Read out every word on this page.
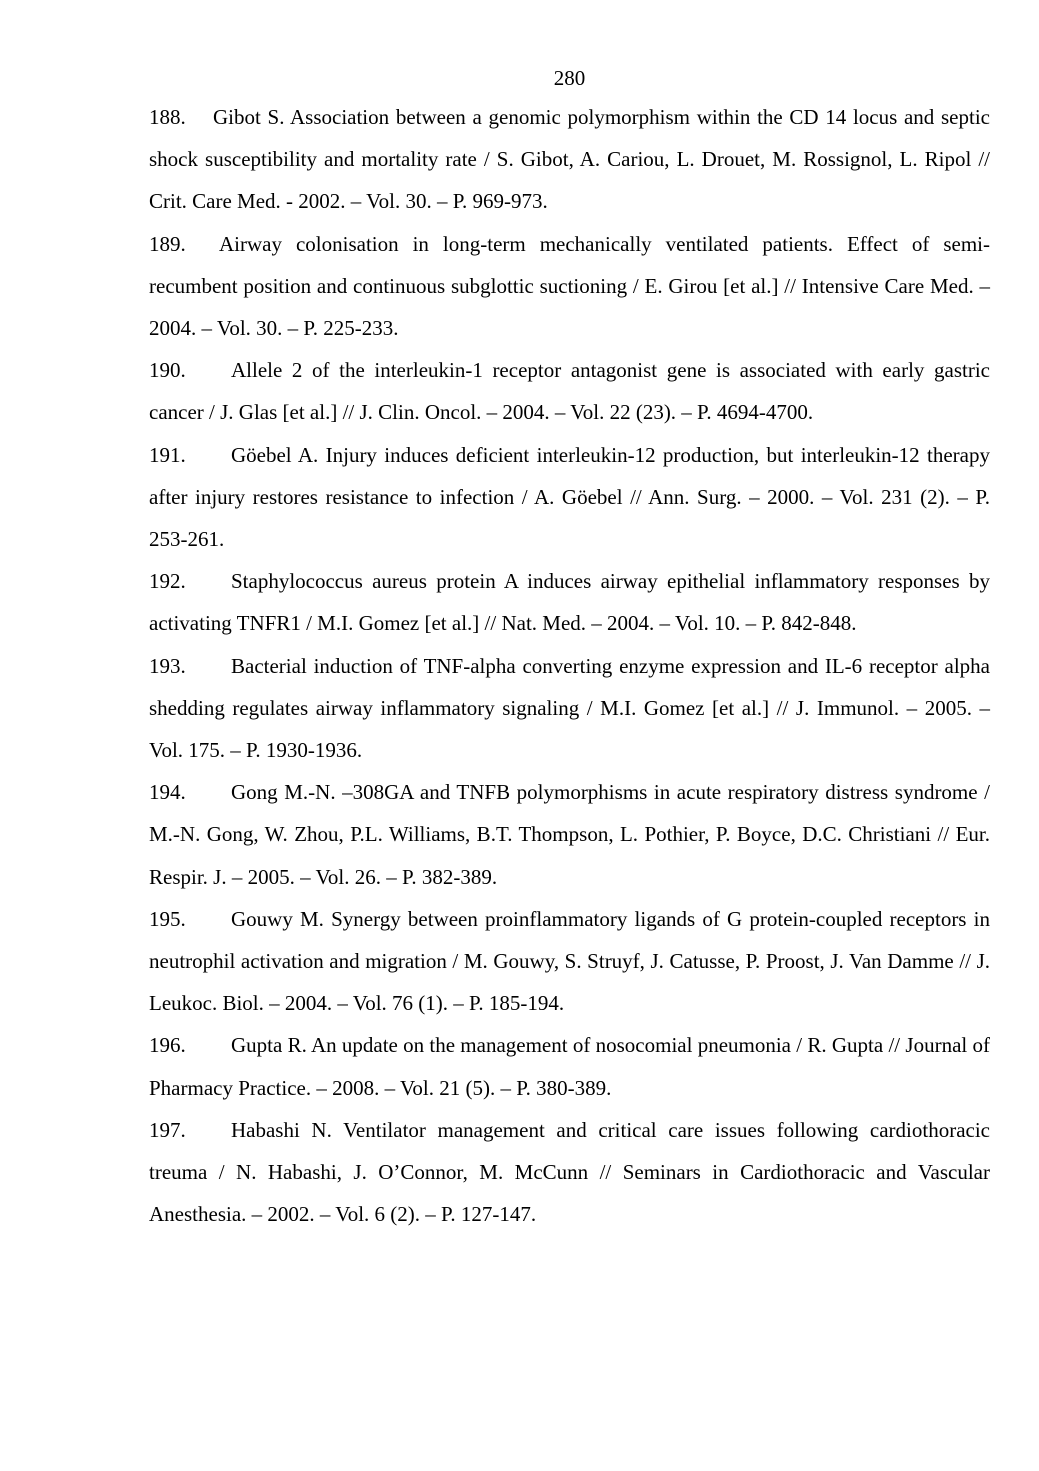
280

188. Gibot S. Association between a genomic polymorphism within the CD 14 locus and septic shock susceptibility and mortality rate / S. Gibot, A. Cariou, L. Drouet, M. Rossignol, L. Ripol // Crit. Care Med. - 2002. – Vol. 30. – P. 969-973.

189. Airway colonisation in long-term mechanically ventilated patients. Effect of semi-recumbent position and continuous subglottic suctioning / E. Girou [et al.] // Intensive Care Med. – 2004. – Vol. 30. – P. 225-233.

190. Allele 2 of the interleukin-1 receptor antagonist gene is associated with early gastric cancer / J. Glas [et al.] // J. Clin. Oncol. – 2004. – Vol. 22 (23). – P. 4694-4700.

191. Göebel A. Injury induces deficient interleukin-12 production, but interleukin-12 therapy after injury restores resistance to infection / A. Göebel // Ann. Surg. – 2000. – Vol. 231 (2). – P. 253-261.

192. Staphylococcus aureus protein A induces airway epithelial inflammatory responses by activating TNFR1 / M.I. Gomez [et al.] // Nat. Med. – 2004. – Vol. 10. – P. 842-848.

193. Bacterial induction of TNF-alpha converting enzyme expression and IL-6 receptor alpha shedding regulates airway inflammatory signaling / M.I. Gomez [et al.] // J. Immunol. – 2005. – Vol. 175. – P. 1930-1936.

194. Gong M.-N. –308GA and TNFB polymorphisms in acute respiratory distress syndrome / M.-N. Gong, W. Zhou, P.L. Williams, B.T. Thompson, L. Pothier, P. Boyce, D.C. Christiani // Eur. Respir. J. – 2005. – Vol. 26. – P. 382-389.

195. Gouwy M. Synergy between proinflammatory ligands of G protein-coupled receptors in neutrophil activation and migration / M. Gouwy, S. Struyf, J. Catusse, P. Proost, J. Van Damme // J. Leukoc. Biol. – 2004. – Vol. 76 (1). – P. 185-194.

196. Gupta R. An update on the management of nosocomial pneumonia / R. Gupta // Journal of Pharmacy Practice. – 2008. – Vol. 21 (5). – P. 380-389.

197. Habashi N. Ventilator management and critical care issues following cardiothoracic treuma / N. Habashi, J. O’Connor, M. McCunn // Seminars in Cardiothoracic and Vascular Anesthesia. – 2002. – Vol. 6 (2). – P. 127-147.
